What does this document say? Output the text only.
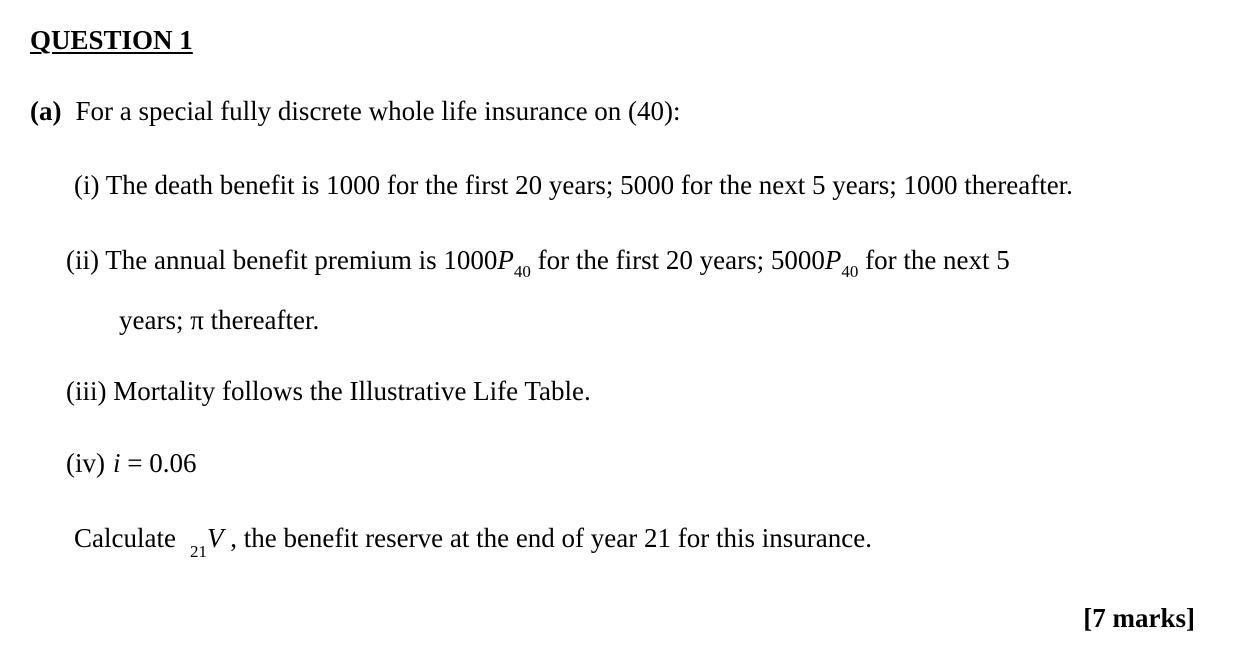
QUESTION 1
(a) For a special fully discrete whole life insurance on (40):
(i) The death benefit is 1000 for the first 20 years; 5000 for the next 5 years; 1000 thereafter.
(ii) The annual benefit premium is $1000P_{40}$ for the first 20 years; $5000P_{40}$ for the next 5
years; π thereafter.
(iii) Mortality follows the Illustrative Life Table.
(iv) i = 0.06
Calculate $_{21}$V , the benefit reserve at the end of year 21 for this insurance.
[7 marks]
